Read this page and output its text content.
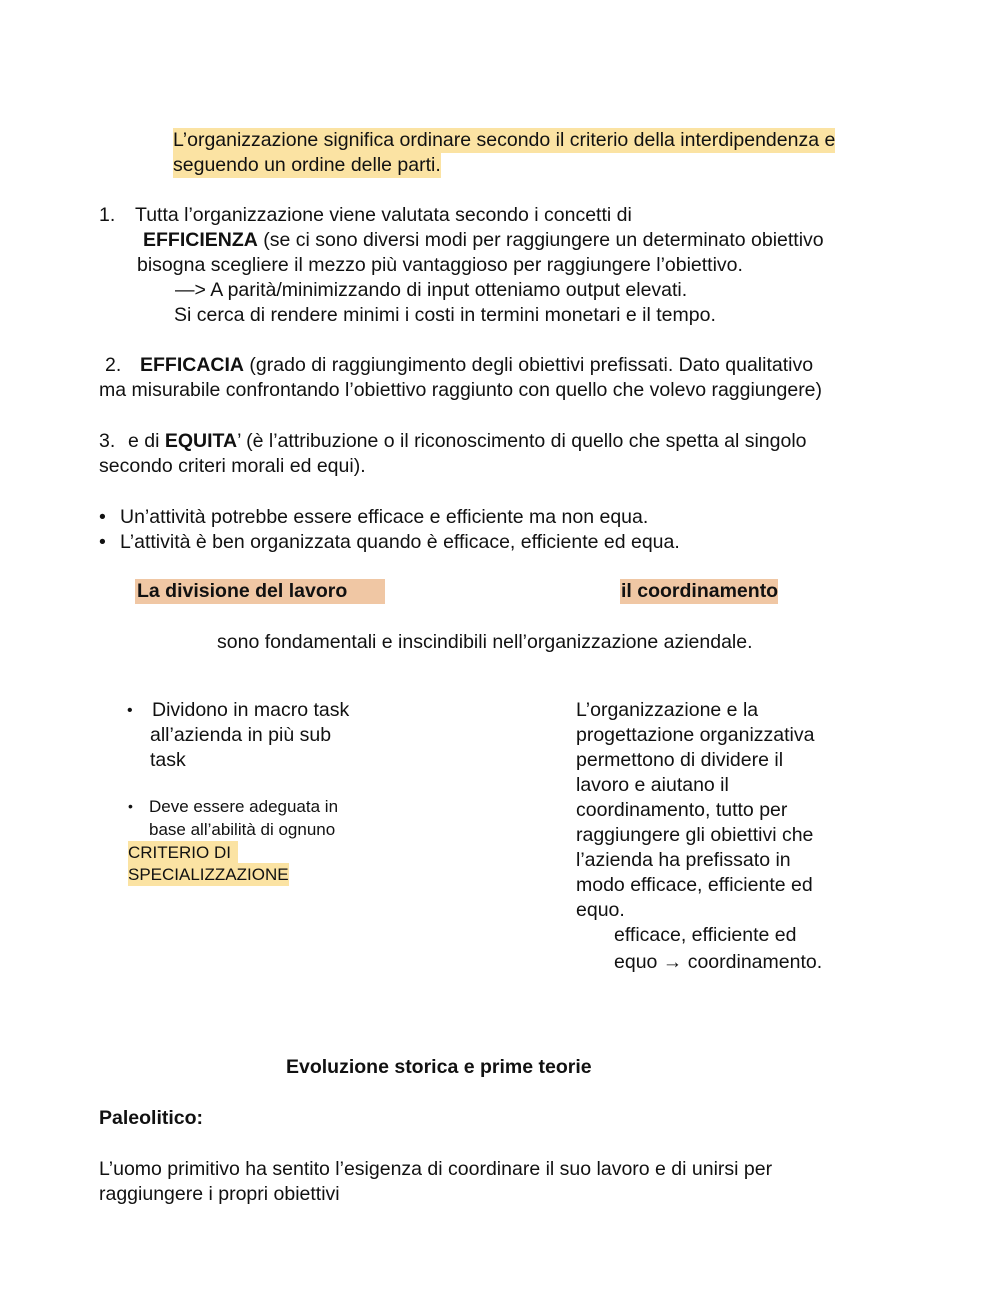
L’organizzazione significa ordinare secondo il criterio della interdipendenza e
seguendo un ordine delle parti.
1. Tutta l’organizzazione viene valutata secondo i concetti di
EFFICIENZA (se ci sono diversi modi per raggiungere un determinato obiettivo
bisogna scegliere il mezzo più vantaggioso per raggiungere l’obiettivo.
—> A parità/minimizzando di input otteniamo output elevati.
Si cerca di rendere minimi i costi in termini monetari e il tempo.
2. EFFICACIA (grado di raggiungimento degli obiettivi prefissati. Dato qualitativo
ma misurabile confrontando l’obiettivo raggiunto con quello che volevo raggiungere)
3. e di EQUITA’ (è l’attribuzione o il riconoscimento di quello che spetta al singolo
secondo criteri morali ed equi).
• Un’attività potrebbe essere efficace e efficiente ma non equa.
• L’attività è ben organizzata quando è efficace, efficiente ed equa.
La divisione del lavoro	il coordinamento
sono fondamentali e inscindibili nell’organizzazione aziendale.
• Dividono in macro task
all’azienda in più sub
task
• Deve essere adeguata in
base all’abilità di ognuno
CRITERIO DI
SPECIALIZZAZIONE
L’organizzazione e la
progettazione organizzativa
permettono di dividere il
lavoro e aiutano il
coordinamento, tutto per
raggiungere gli obiettivi che
l’azienda ha prefissato in
modo efficace, efficiente ed
equo.
efficace, efficiente ed
equo → coordinamento.
Evoluzione storica e prime teorie
Paleolitico:
L’uomo primitivo ha sentito l’esigenza di coordinare il suo lavoro e di unirsi per
raggiungere i propri obiettivi
